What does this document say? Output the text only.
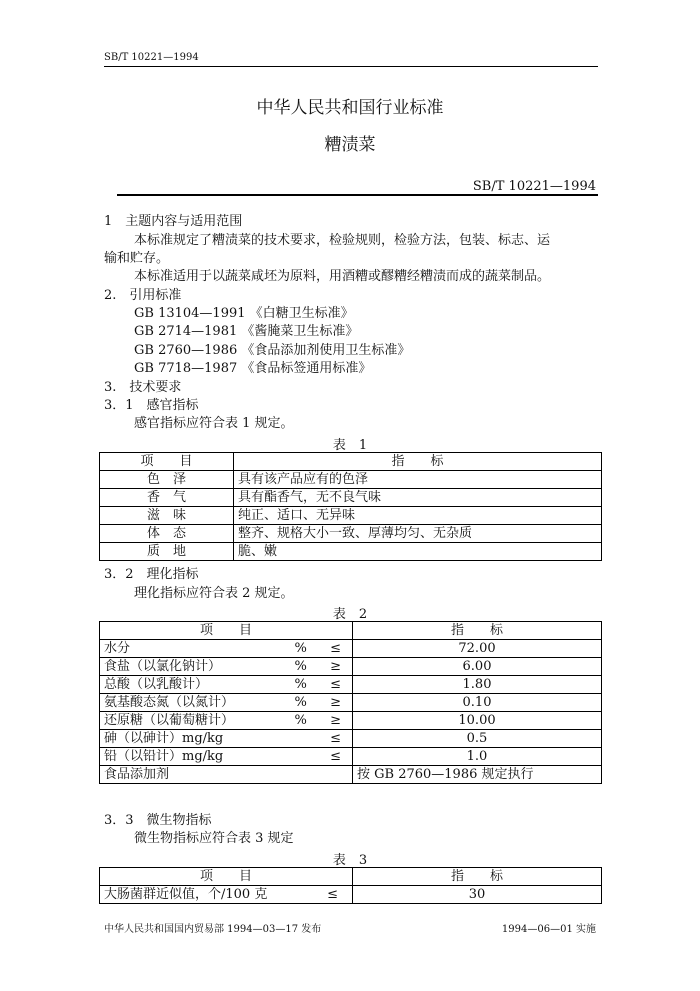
SB/T 10221—1994
中华人民共和国行业标准
糟渍菜
SB/T 10221—1994
1　主题内容与适用范围
本标准规定了糟渍菜的技术要求，检验规则，检验方法，包装、标志、运
输和贮存。
本标准适用于以蔬菜咸坯为原料，用酒糟或醪糟经糟渍而成的蔬菜制品。
2.　引用标准
GB 13104—1991 《白糖卫生标准》
GB 2714—1981 《酱腌菜卫生标准》
GB 2760—1986 《食品添加剂使用卫生标准》
GB 7718—1987 《食品标签通用标准》
3.　技术要求
3．1　感官指标
感官指标应符合表 1 规定。
表　1
项　　目	指　　标
色　泽	具有该产品应有的色泽
香　气	具有酯香气，无不良气味
滋　味	纯正、适口、无异味
体　态	整齐、规格大小一致、厚薄均匀、无杂质
质　地	脆、嫩
3．2　理化指标
理化指标应符合表 2 规定。
表　2
项　　目			指　　标
水分	%	≤	72.00
食盐（以氯化钠计）	%	≥	6.00
总酸（以乳酸计）	%	≤	1.80
氨基酸态氮（以氮计）	%	≥	0.10
还原糖（以葡萄糖计）	%	≥	10.00
砷（以砷计）mg/kg		≤	0.5
铅（以铅计）mg/kg		≤	1.0
食品添加剂			按 GB 2760—1986 规定执行
3．3　微生物指标
微生物指标应符合表 3 规定
表　3
项　　目		指　　标
大肠菌群近似值，个/100 克	≤	30
中华人民共和国国内贸易部 1994—03—17 发布	1994—06—01 实施
